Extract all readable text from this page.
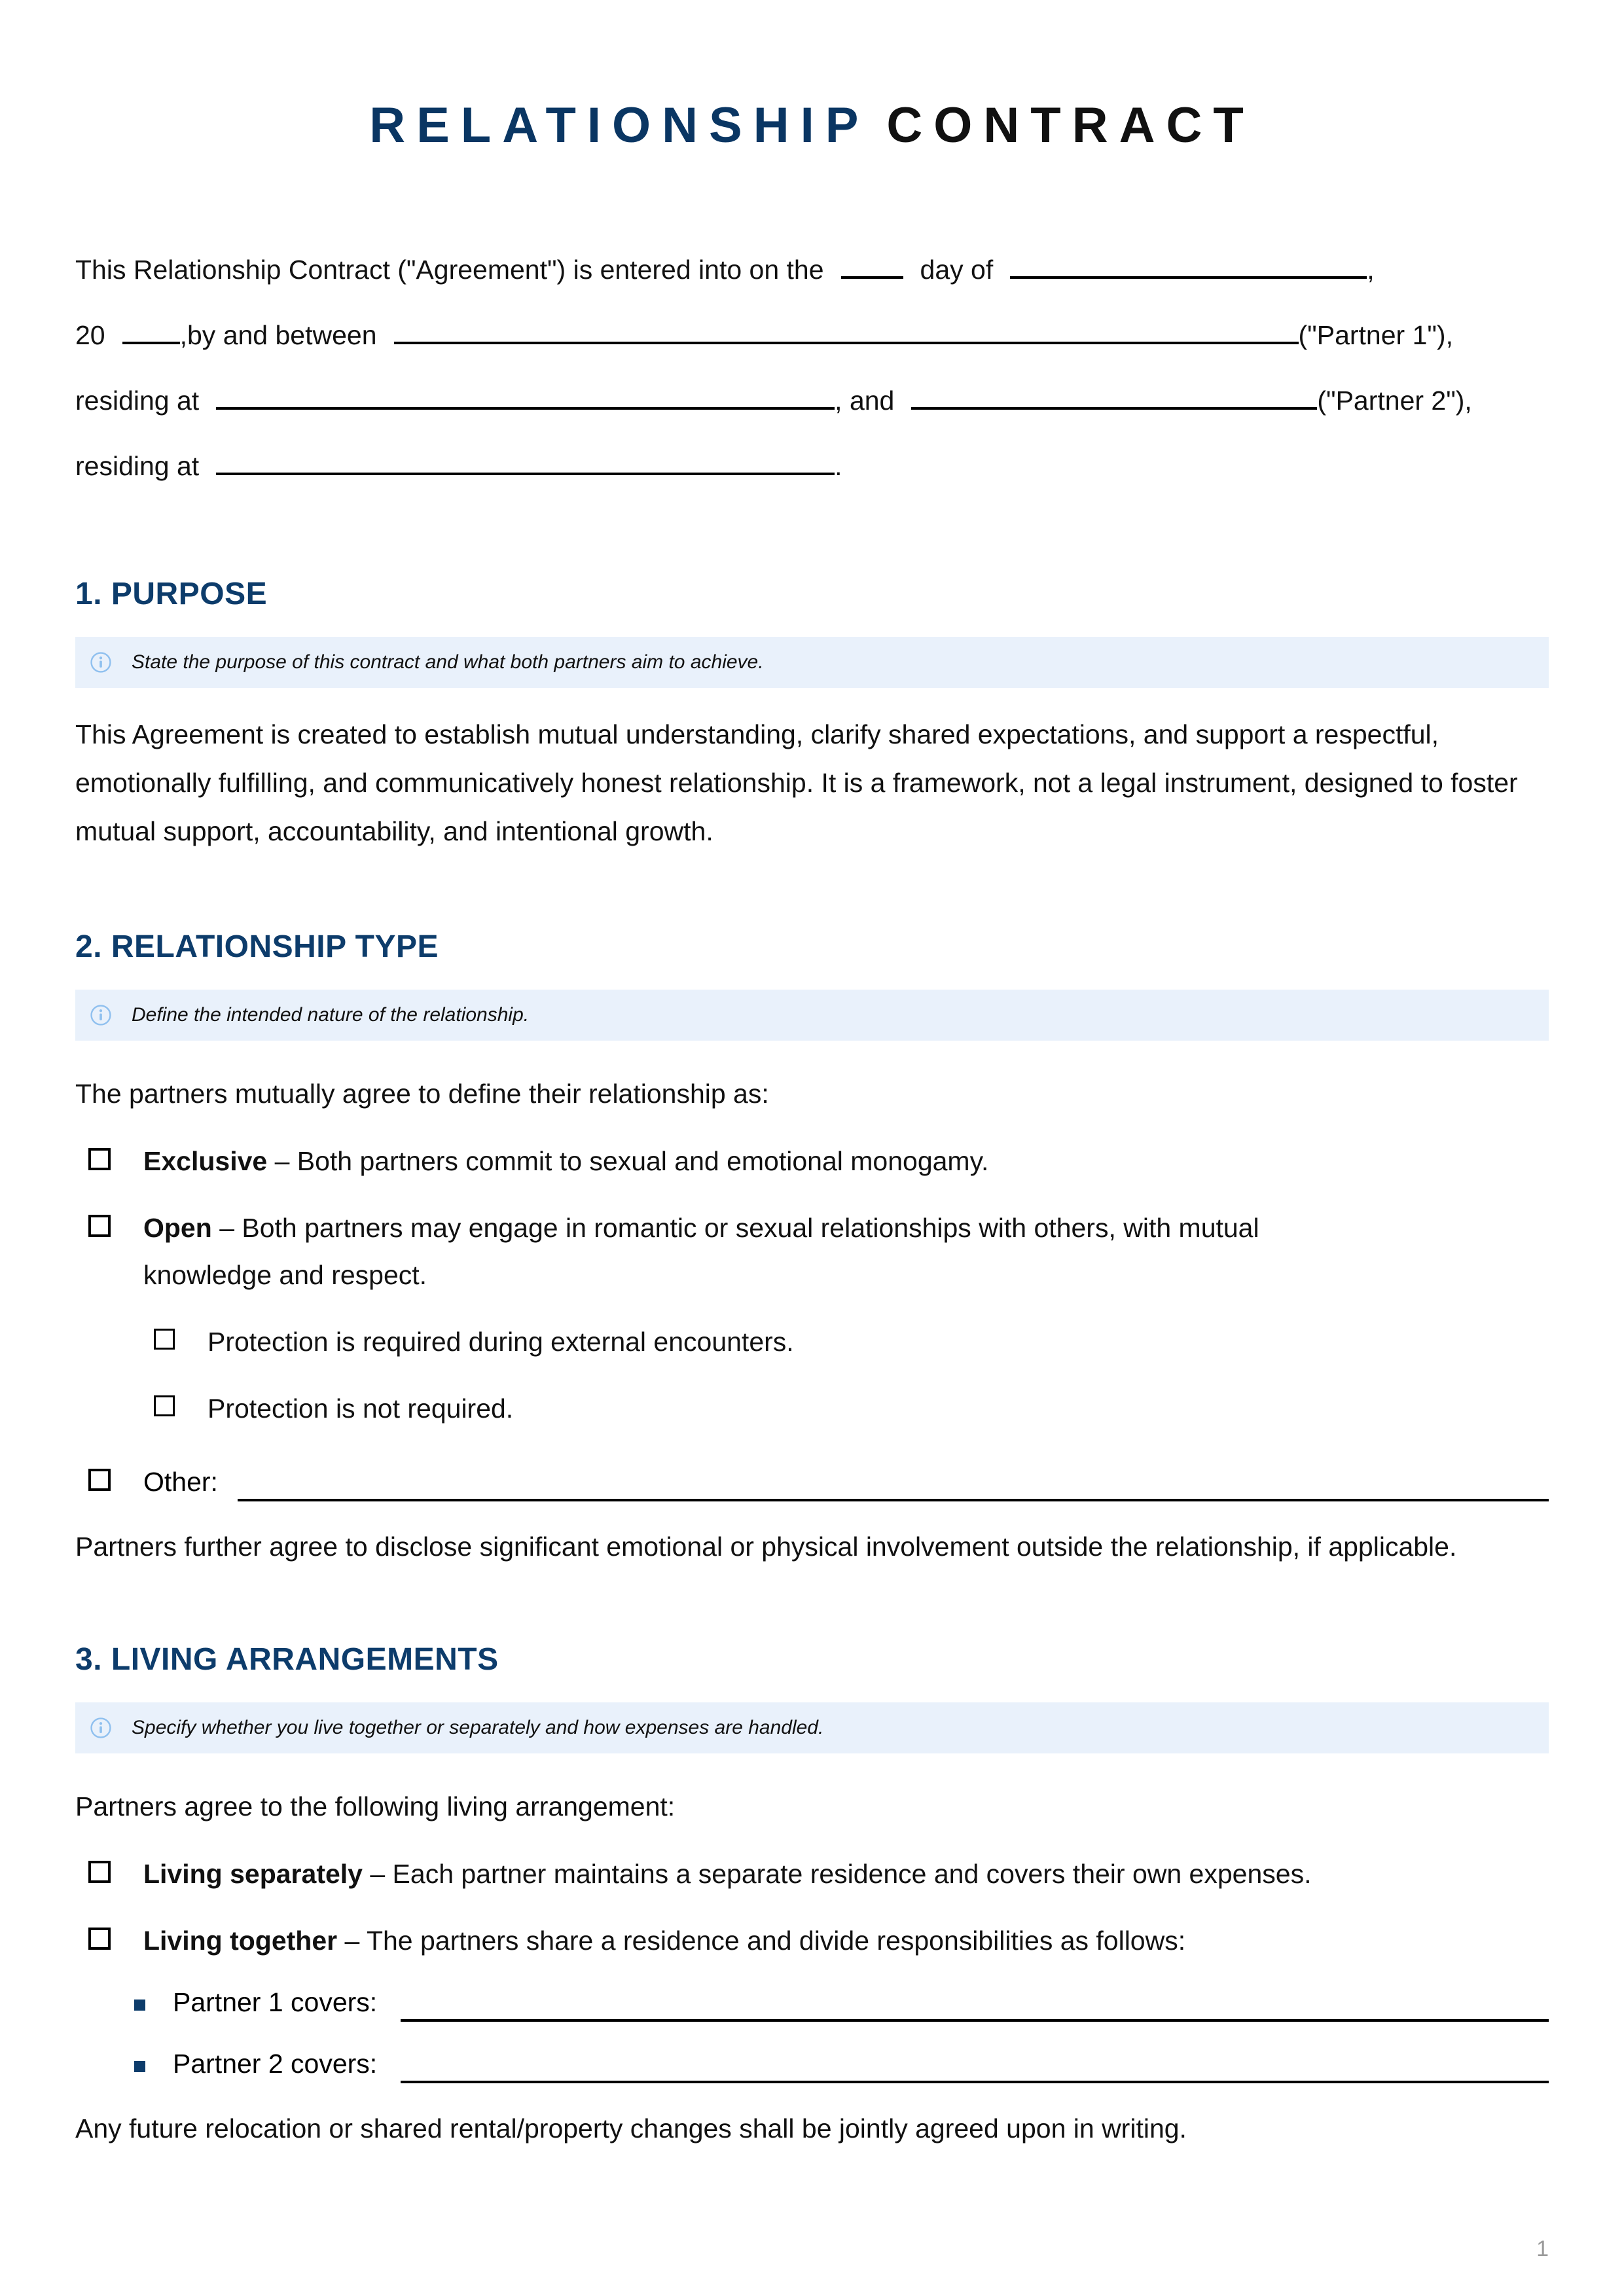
RELATIONSHIP CONTRACT
This Relationship Contract ("Agreement") is entered into on the	day of	,
20	,by and between	("Partner 1"),
residing at	, and	("Partner 2"),
residing at	.
1. PURPOSE
State the purpose of this contract and what both partners aim to achieve.
This Agreement is created to establish mutual understanding, clarify shared expectations, and support a respectful, emotionally fulfilling, and communicatively honest relationship. It is a framework, not a legal instrument, designed to foster mutual support, accountability, and intentional growth.
2. RELATIONSHIP TYPE
Define the intended nature of the relationship.
The partners mutually agree to define their relationship as:
Exclusive – Both partners commit to sexual and emotional monogamy.
Open – Both partners may engage in romantic or sexual relationships with others, with mutual knowledge and respect.
Protection is required during external encounters.
Protection is not required.
Other:
Partners further agree to disclose significant emotional or physical involvement outside the relationship, if applicable.
3. LIVING ARRANGEMENTS
Specify whether you live together or separately and how expenses are handled.
Partners agree to the following living arrangement:
Living separately – Each partner maintains a separate residence and covers their own expenses.
Living together – The partners share a residence and divide responsibilities as follows:
Partner 1 covers:
Partner 2 covers:
Any future relocation or shared rental/property changes shall be jointly agreed upon in writing.
1
